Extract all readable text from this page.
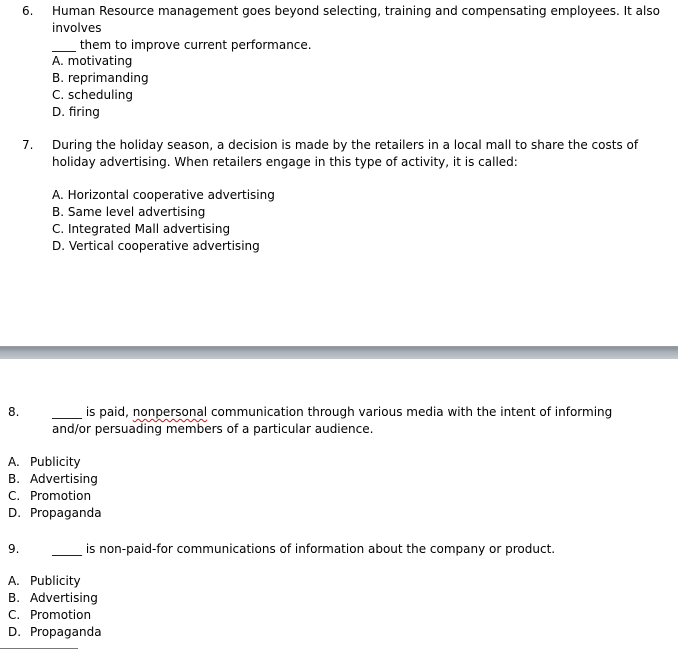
6. Human Resource management goes beyond selecting, training and compensating employees. It also involves
____ them to improve current performance.
A. motivating
B. reprimanding
C. scheduling
D. firing
7. During the holiday season, a decision is made by the retailers in a local mall to share the costs of holiday advertising. When retailers engage in this type of activity, it is called:
A. Horizontal cooperative advertising
B. Same level advertising
C. Integrated Mall advertising
D. Vertical cooperative advertising
8.	_____ is paid, nonpersonal communication through various media with the intent of informing and/or persuading members of a particular audience.
A. Publicity
B. Advertising
C. Promotion
D. Propaganda
9.	_____ is non-paid-for communications of information about the company or product.
A. Publicity
B. Advertising
C. Promotion
D. Propaganda
